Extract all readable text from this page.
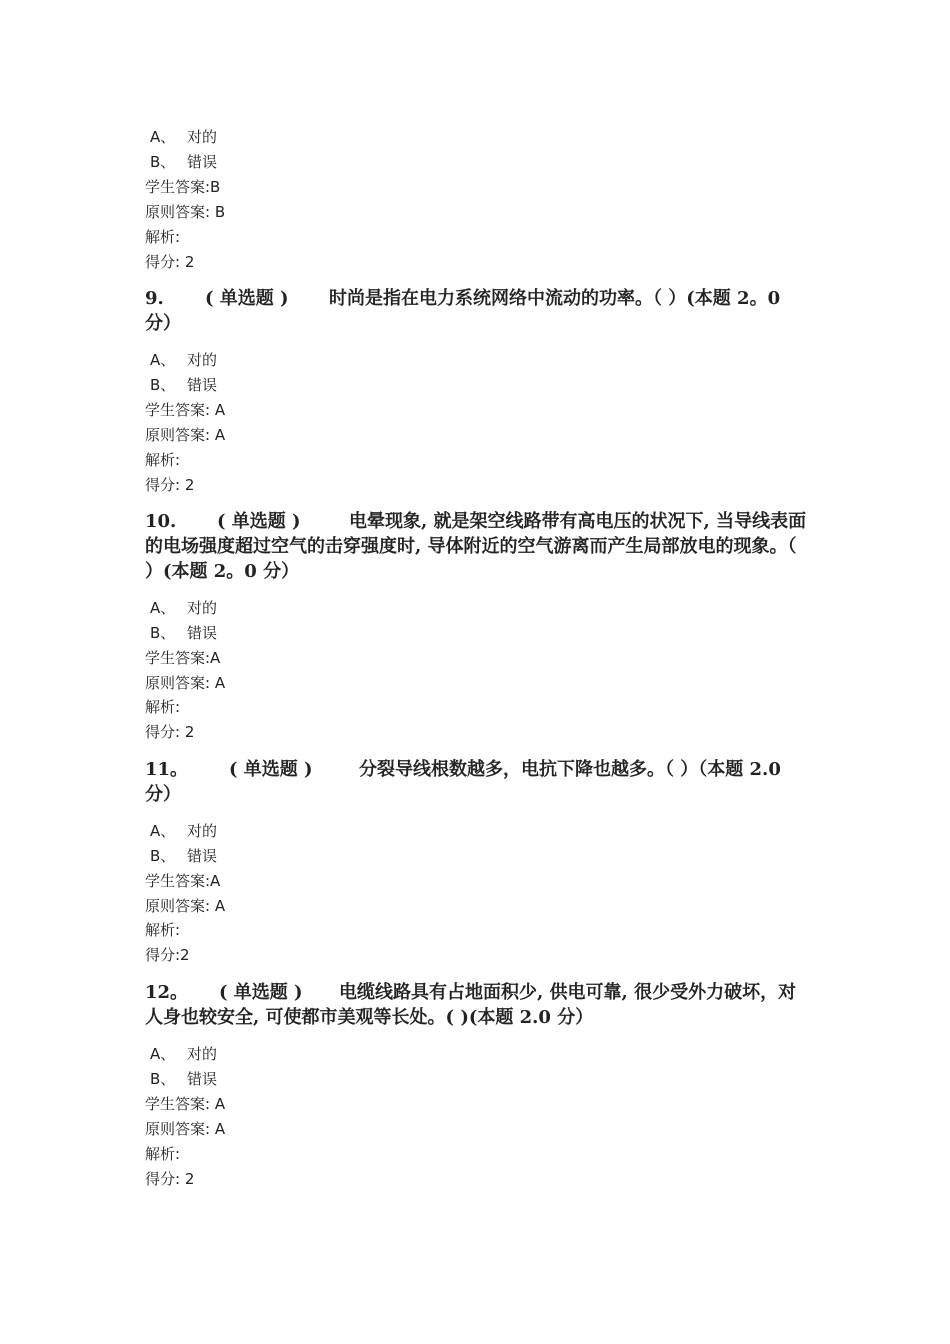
A、 对的
B、 错误
学生答案:B
原则答案: B
解析:
得分: 2
9. ( 单选题 ) 时尚是指在电力系统网络中流动的功率。（ ）(本题 2。0 分）
A、 对的
B、 错误
学生答案: A
原则答案: A
解析:
得分: 2
10. ( 单选题 )	电晕现象, 就是架空线路带有高电压的状况下, 当导线表面的电场强度超过空气的击穿强度时, 导体附近的空气游离而产生局部放电的现象。（ ）(本题 2。0 分）
A、 对的
B、 错误
学生答案:A
原则答案: A
解析:
得分: 2
11。 ( 单选题 )	分裂导线根数越多，电抗下降也越多。（ ）（本题 2.0 分）
A、 对的
B、 错误
学生答案:A
原则答案: A
解析:
得分:2
12。 ( 单选题 ) 电缆线路具有占地面积少, 供电可靠, 很少受外力破坏，对人身也较安全, 可使都市美观等长处。( )(本题 2.0 分）
A、 对的
B、 错误
学生答案: A
原则答案: A
解析:
得分: 2
